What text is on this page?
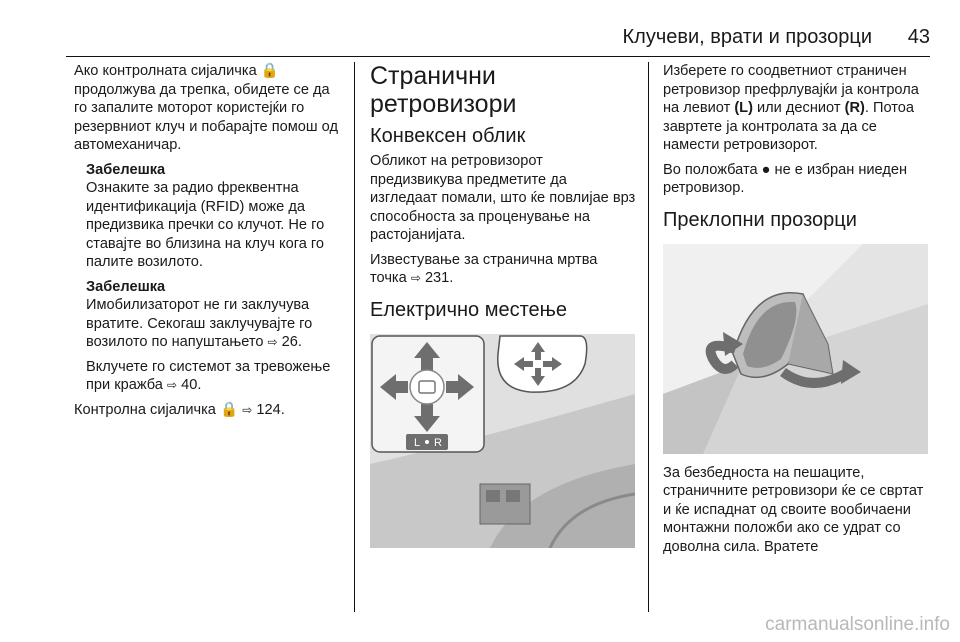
Клучеви, врати и прозорци 43

Ако контролната сијаличка 🔒 продолжува да трепка, обидете се да го запалите моторот користејќи го резервниот клуч и побарајте помош од автомеханичар.

Забелешка

Ознаките за радио фреквентна идентификација (RFID) може да предизвика пречки со клучот. Не го ставајте во близина на клуч кога го палите возилото.

Забелешка

Имобилизаторот не ги заклучува вратите. Секогаш заклучувајте го возилото по напуштањето ⇨ 26.

Вклучете го системот за тревожење при кражба ⇨ 40.

Контролна сијаличка 🔒 ⇨ 124.

Странични ретровизори
Конвексен облик

Обликот на ретровизорот предизвикува предметите да изгледаат помали, што ќе повлијае врз способноста за проценување на растојанијата.

Известување за странична мртва точка ⇨ 231.

Електрично местење
L R

Изберете го соодветниот страничен ретровизор префрлувајќи ја контрола на левиот (L) или десниот (R). Потоа завртете ја контролата за да се намести ретровизорот.

Во положбата ● не е избран ниеден ретровизор.

Преклопни прозорци

За безбедноста на пешаците, страничните ретровизори ќе се свртат и ќе испаднат од своите вообичаени монтажни положби ако се удрат со доволна сила. Вратете

carmanualsonline.info
